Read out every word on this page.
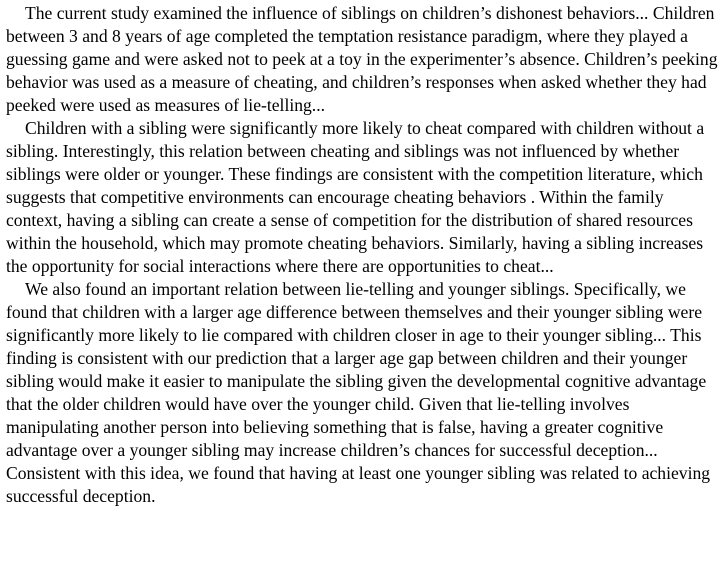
The current study examined the influence of siblings on children’s dishonest behaviors... Children between 3 and 8 years of age completed the temptation resistance paradigm, where they played a guessing game and were asked not to peek at a toy in the experimenter’s absence. Children’s peeking behavior was used as a measure of cheating, and children’s responses when asked whether they had peeked were used as measures of lie-telling...

Children with a sibling were significantly more likely to cheat compared with children without a sibling. Interestingly, this relation between cheating and siblings was not influenced by whether siblings were older or younger. These findings are consistent with the competition literature, which suggests that competitive environments can encourage cheating behaviors . Within the family context, having a sibling can create a sense of competition for the distribution of shared resources within the household, which may promote cheating behaviors. Similarly, having a sibling increases the opportunity for social interactions where there are opportunities to cheat...

We also found an important relation between lie-telling and younger siblings. Specifically, we found that children with a larger age difference between themselves and their younger sibling were significantly more likely to lie compared with children closer in age to their younger sibling... This finding is consistent with our prediction that a larger age gap between children and their younger sibling would make it easier to manipulate the sibling given the developmental cognitive advantage that the older children would have over the younger child. Given that lie-telling involves manipulating another person into believing something that is false, having a greater cognitive advantage over a younger sibling may increase children’s chances for successful deception... Consistent with this idea, we found that having at least one younger sibling was related to achieving successful deception.
